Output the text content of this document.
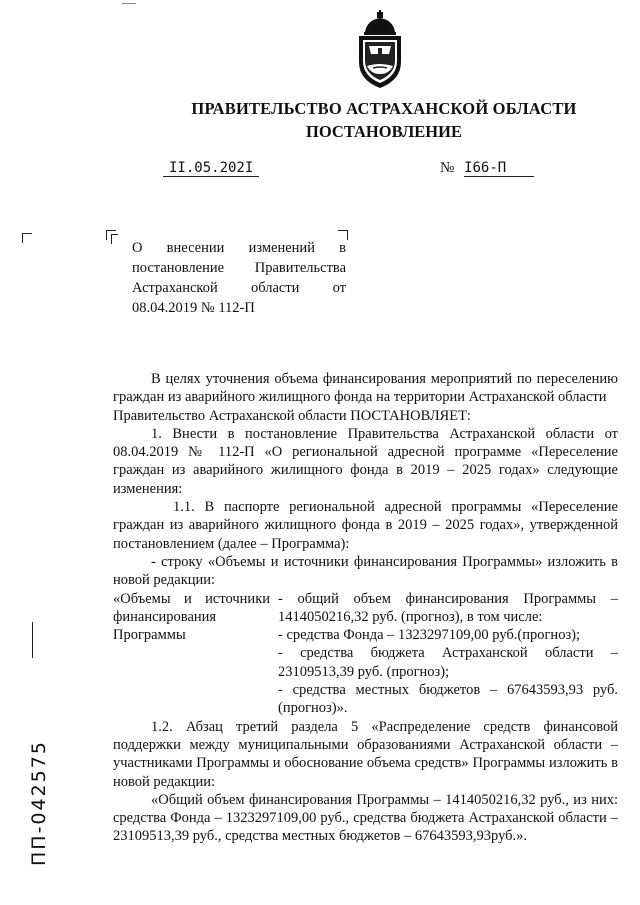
ПРАВИТЕЛЬСТВО АСТРАХАНСКОЙ ОБЛАСТИ
ПОСТАНОВЛЕНИЕ
II.05.202I	№ I66-П
О внесении изменений в постановление Правительства Астраханской области от 08.04.2019 № 112-П

В целях уточнения объема финансирования мероприятий по переселению граждан из аварийного жилищного фонда на территории Астраханской области

Правительство Астраханской области ПОСТАНОВЛЯЕТ:

1. Внести в постановление Правительства Астраханской области от 08.04.2019 № 112-П «О региональной адресной программе «Переселение граждан из аварийного жилищного фонда в 2019 – 2025 годах» следующие изменения:

1.1. В паспорте региональной адресной программы «Переселение граждан из аварийного жилищного фонда в 2019 – 2025 годах», утвержденной постановлением (далее – Программа):

- строку «Объемы и источники финансирования Программы» изложить в новой редакции:

«Объемы и источники финансирования Программы

- общий объем финансирования Программы – 1414050216,32 руб. (прогноз), в том числе:

- средства Фонда – 1323297109,00 руб.(прогноз);

- средства бюджета Астраханской области – 23109513,39 руб. (прогноз);

- средства местных бюджетов – 67643593,93 руб. (прогноз)».

1.2. Абзац третий раздела 5 «Распределение средств финансовой поддержки между муниципальными образованиями Астраханской области – участниками Программы и обоснование объема средств» Программы изложить в новой редакции:

«Общий объем финансирования Программы – 1414050216,32 руб., из них: средства Фонда – 1323297109,00 руб., средства бюджета Астраханской области – 23109513,39 руб., средства местных бюджетов – 67643593,93руб.».

ПП-042575
